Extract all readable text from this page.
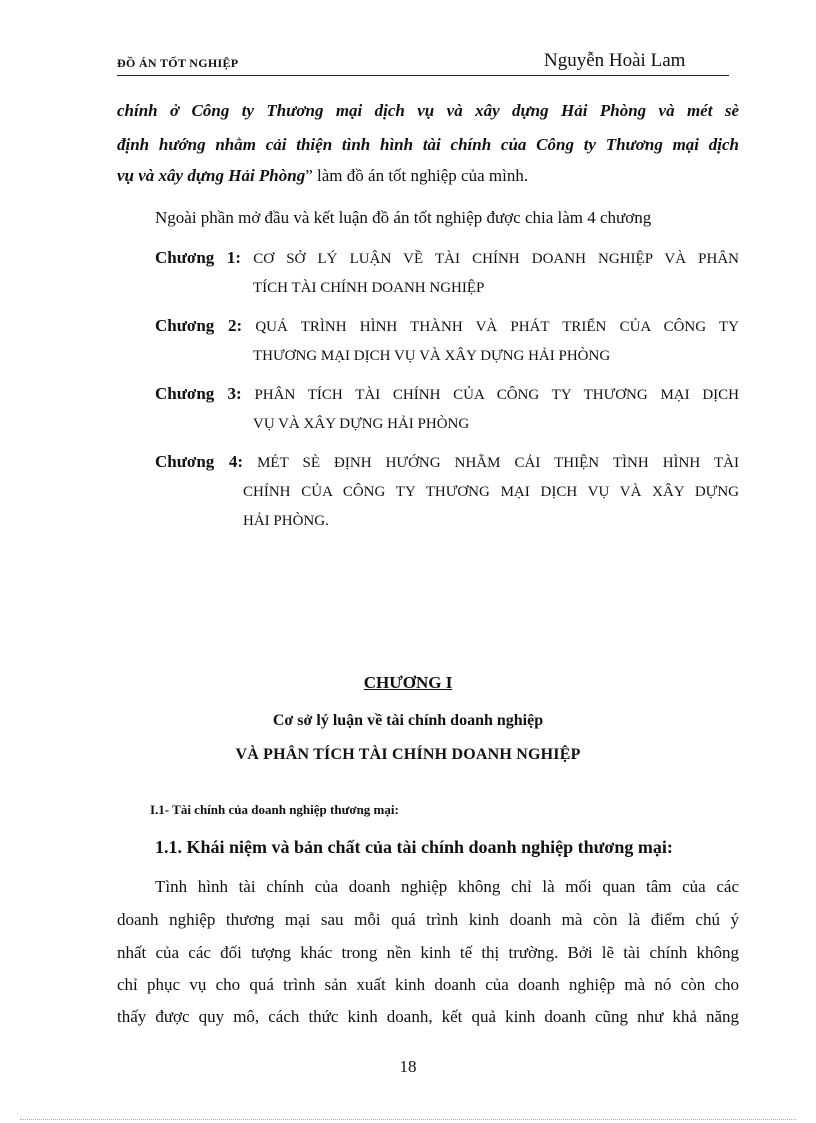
ĐỒ ÁN TỐT NGHIỆP	Nguyễn Hoài Lam
chính ở Công ty Thương mại dịch vụ và xây dựng Hải Phòng và mét sè
định hướng nhằm cải thiện tình hình tài chính của Công ty Thương mại dịch
vụ và xây dựng Hải Phòng” làm đồ án tốt nghiệp của mình.
Ngoài phần mở đầu và kết luận đồ án tốt nghiệp được chia làm 4 chương
Chương 1: CƠ SỞ LÝ LUẬN VỀ TÀI CHÍNH DOANH NGHIỆP VÀ PHÂN
TÍCH TÀI CHÍNH DOANH NGHIỆP
Chương 2: QUÁ TRÌNH HÌNH THÀNH VÀ PHÁT TRIỂN CỦA CÔNG TY
THƯƠNG MẠI DỊCH VỤ VÀ XÂY DỰNG HẢI PHÒNG
Chương 3: PHÂN TÍCH TÀI CHÍNH CỦA CÔNG TY THƯƠNG MẠI DỊCH
VỤ VÀ XÂY DỰNG HẢI PHÒNG
Chương 4: MÉT SÈ ĐỊNH HƯỚNG NHẰM CẢI THIỆN TÌNH HÌNH TÀI
CHÍNH CỦA CÔNG TY THƯƠNG MẠI DỊCH VỤ VÀ XÂY DỰNG
HẢI PHÒNG.
CHƯƠNG I
Cơ sở lý luận về tài chính doanh nghiệp
VÀ PHÂN TÍCH TÀI CHÍNH DOANH NGHIỆP
I.1- Tài chính của doanh nghiệp thương mại:
1.1. Khái niệm và bản chất của tài chính doanh nghiệp thương mại:
Tình hình tài chính của doanh nghiệp không chỉ là mối quan tâm của các
doanh nghiệp thương mại sau mỗi quá trình kinh doanh mà còn là điểm chú ý
nhất của các đối tượng khác trong nền kinh tế thị trường. Bởi lẽ tài chính không
chỉ phục vụ cho quá trình sản xuất kinh doanh của doanh nghiệp mà nó còn cho
thấy được quy mô, cách thức kinh doanh, kết quả kinh doanh cũng như khả năng
18
